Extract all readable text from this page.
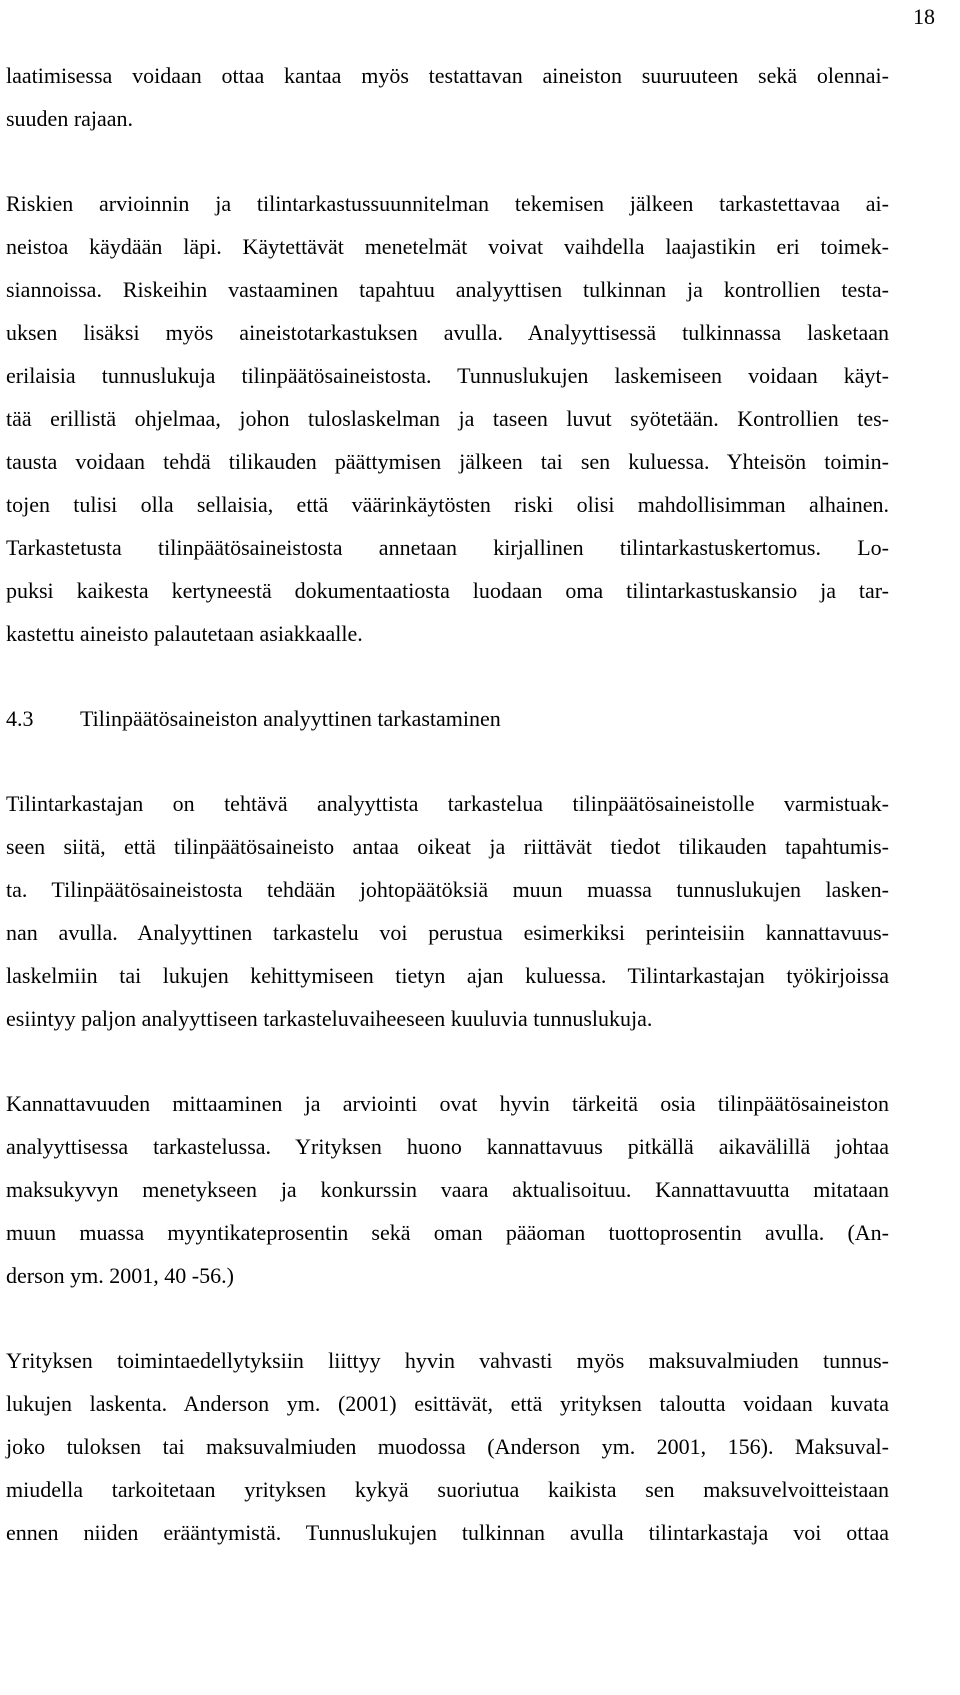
18
laatimisessa voidaan ottaa kantaa myös testattavan aineiston suuruuteen sekä olennai-
suuden rajaan.
Riskien arvioinnin ja tilintarkastussuunnitelman tekemisen jälkeen tarkastettavaa ai-
neistoa käydään läpi. Käytettävät menetelmät voivat vaihdella laajastikin eri toimek-
siannoissa. Riskeihin vastaaminen tapahtuu analyyttisen tulkinnan ja kontrollien testa-
uksen lisäksi myös aineistotarkastuksen avulla. Analyyttisessä tulkinnassa lasketaan
erilaisia tunnuslukuja tilinpäätösaineistosta. Tunnuslukujen laskemiseen voidaan käyt-
tää erillistä ohjelmaa, johon tuloslaskelman ja taseen luvut syötetään. Kontrollien tes-
tausta voidaan tehdä tilikauden päättymisen jälkeen tai sen kuluessa. Yhteisön toimin-
tojen tulisi olla sellaisia, että väärinkäytösten riski olisi mahdollisimman alhainen.
Tarkastetusta tilinpäätösaineistosta annetaan kirjallinen tilintarkastuskertomus. Lo-
puksi kaikesta kertyneestä dokumentaatiosta luodaan oma tilintarkastuskansio ja tar-
kastettu aineisto palautetaan asiakkaalle.
4.3	Tilinpäätösaineiston analyyttinen tarkastaminen
Tilintarkastajan on tehtävä analyyttista tarkastelua tilinpäätösaineistolle varmistuak-
seen siitä, että tilinpäätösaineisto antaa oikeat ja riittävät tiedot tilikauden tapahtumis-
ta. Tilinpäätösaineistosta tehdään johtopäätöksiä muun muassa tunnuslukujen lasken-
nan avulla. Analyyttinen tarkastelu voi perustua esimerkiksi perinteisiin kannattavuus-
laskelmiin tai lukujen kehittymiseen tietyn ajan kuluessa. Tilintarkastajan työkirjoissa
esiintyy paljon analyyttiseen tarkasteluvaiheeseen kuuluvia tunnuslukuja.
Kannattavuuden mittaaminen ja arviointi ovat hyvin tärkeitä osia tilinpäätösaineiston
analyyttisessa tarkastelussa. Yrityksen huono kannattavuus pitkällä aikavälillä johtaa
maksukyvyn menetykseen ja konkurssin vaara aktualisoituu. Kannattavuutta mitataan
muun muassa myyntikateprosentin sekä oman pääoman tuottoprosentin avulla. (An-
derson ym. 2001, 40 -56.)
Yrityksen toimintaedellytyksiin liittyy hyvin vahvasti myös maksuvalmiuden tunnus-
lukujen laskenta. Anderson ym. (2001) esittävät, että yrityksen taloutta voidaan kuvata
joko tuloksen tai maksuvalmiuden muodossa (Anderson ym. 2001, 156). Maksuval-
miudella tarkoitetaan yrityksen kykyä suoriutua kaikista sen maksuvelvoitteistaan
ennen niiden erääntymistä. Tunnuslukujen tulkinnan avulla tilintarkastaja voi ottaa
